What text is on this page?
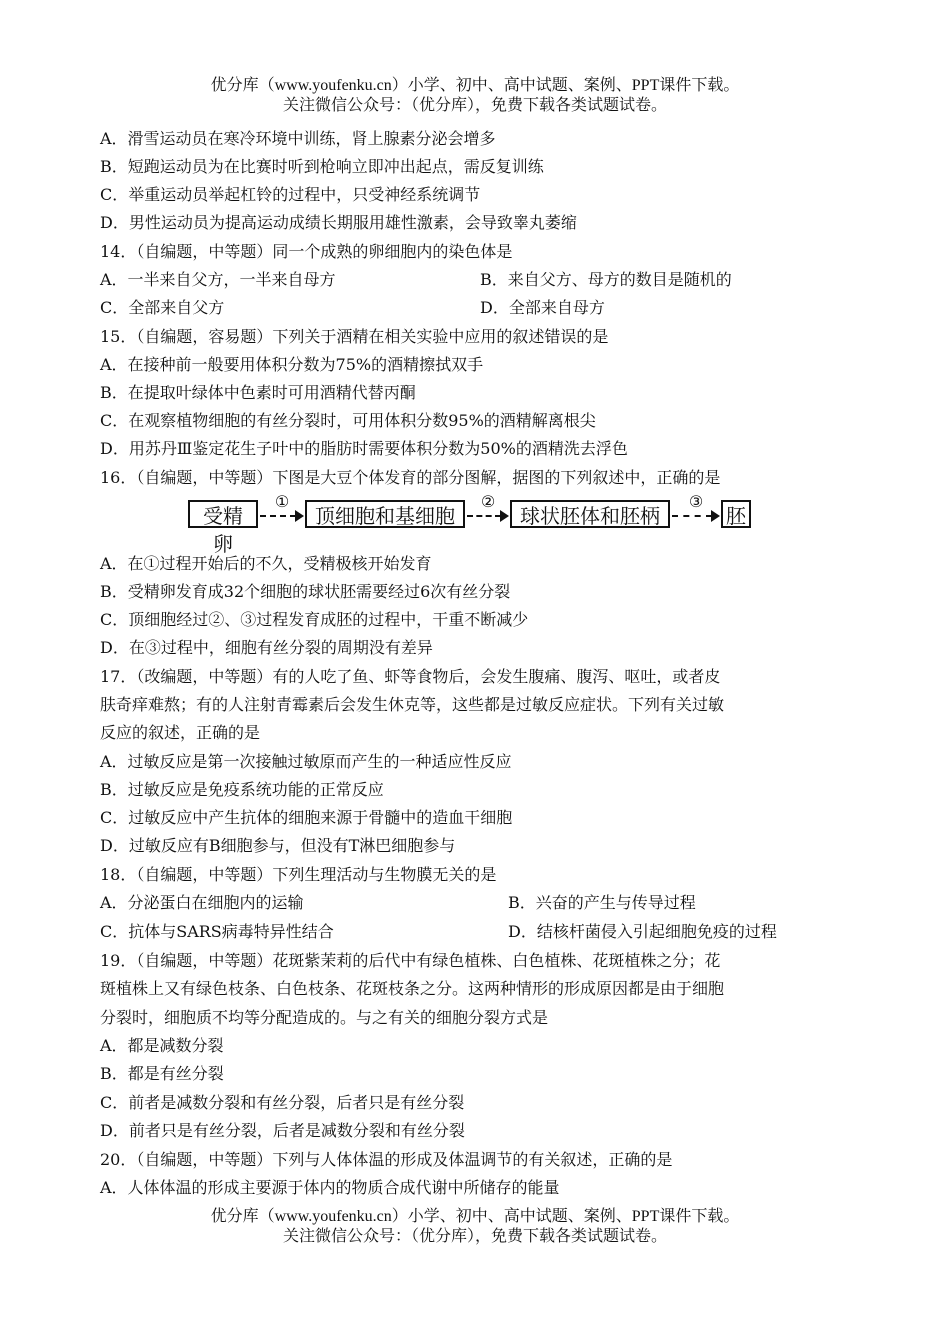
优分库（www.youfenku.cn）小学、初中、高中试题、案例、PPT课件下载。
关注微信公众号：（优分库），免费下载各类试题试卷。
A．滑雪运动员在寒冷环境中训练，肾上腺素分泌会增多
B．短跑运动员为在比赛时听到枪响立即冲出起点，需反复训练
C．举重运动员举起杠铃的过程中，只受神经系统调节
D．男性运动员为提高运动成绩长期服用雄性激素，会导致睾丸萎缩
14．（自编题，中等题）同一个成熟的卵细胞内的染色体是
A．一半来自父方，一半来自母方	B．来自父方、母方的数目是随机的
C．全部来自父方	D．全部来自母方
15．（自编题，容易题）下列关于酒精在相关实验中应用的叙述错误的是
A．在接种前一般要用体积分数为75%的酒精擦拭双手
B．在提取叶绿体中色素时可用酒精代替丙酮
C．在观察植物细胞的有丝分裂时，可用体积分数95%的酒精解离根尖
D．用苏丹Ⅲ鉴定花生子叶中的脂肪时需要体积分数为50%的酒精洗去浮色
16．（自编题，中等题）下图是大豆个体发育的部分图解，据图的下列叙述中，正确的是
受精卵
①
顶细胞和基细胞
②
球状胚体和胚柄
③
胚
A．在①过程开始后的不久，受精极核开始发育
B．受精卵发育成32个细胞的球状胚需要经过6次有丝分裂
C．顶细胞经过②、③过程发育成胚的过程中，干重不断减少
D．在③过程中，细胞有丝分裂的周期没有差异
17．（改编题，中等题）有的人吃了鱼、虾等食物后，会发生腹痛、腹泻、呕吐，或者皮
肤奇痒难熬；有的人注射青霉素后会发生休克等，这些都是过敏反应症状。下列有关过敏
反应的叙述，正确的是
A．过敏反应是第一次接触过敏原而产生的一种适应性反应
B．过敏反应是免疫系统功能的正常反应
C．过敏反应中产生抗体的细胞来源于骨髓中的造血干细胞
D．过敏反应有B细胞参与，但没有T淋巴细胞参与
18．（自编题，中等题）下列生理活动与生物膜无关的是
A．分泌蛋白在细胞内的运输	B．兴奋的产生与传导过程
C．抗体与SARS病毒特异性结合	D．结核杆菌侵入引起细胞免疫的过程
19．（自编题，中等题）花斑紫茉莉的后代中有绿色植株、白色植株、花斑植株之分；花
斑植株上又有绿色枝条、白色枝条、花斑枝条之分。这两种情形的形成原因都是由于细胞
分裂时，细胞质不均等分配造成的。与之有关的细胞分裂方式是
A．都是减数分裂
B．都是有丝分裂
C．前者是减数分裂和有丝分裂，后者只是有丝分裂
D．前者只是有丝分裂，后者是减数分裂和有丝分裂
20．（自编题，中等题）下列与人体体温的形成及体温调节的有关叙述，正确的是
A．人体体温的形成主要源于体内的物质合成代谢中所储存的能量
优分库（www.youfenku.cn）小学、初中、高中试题、案例、PPT课件下载。
关注微信公众号：（优分库），免费下载各类试题试卷。
